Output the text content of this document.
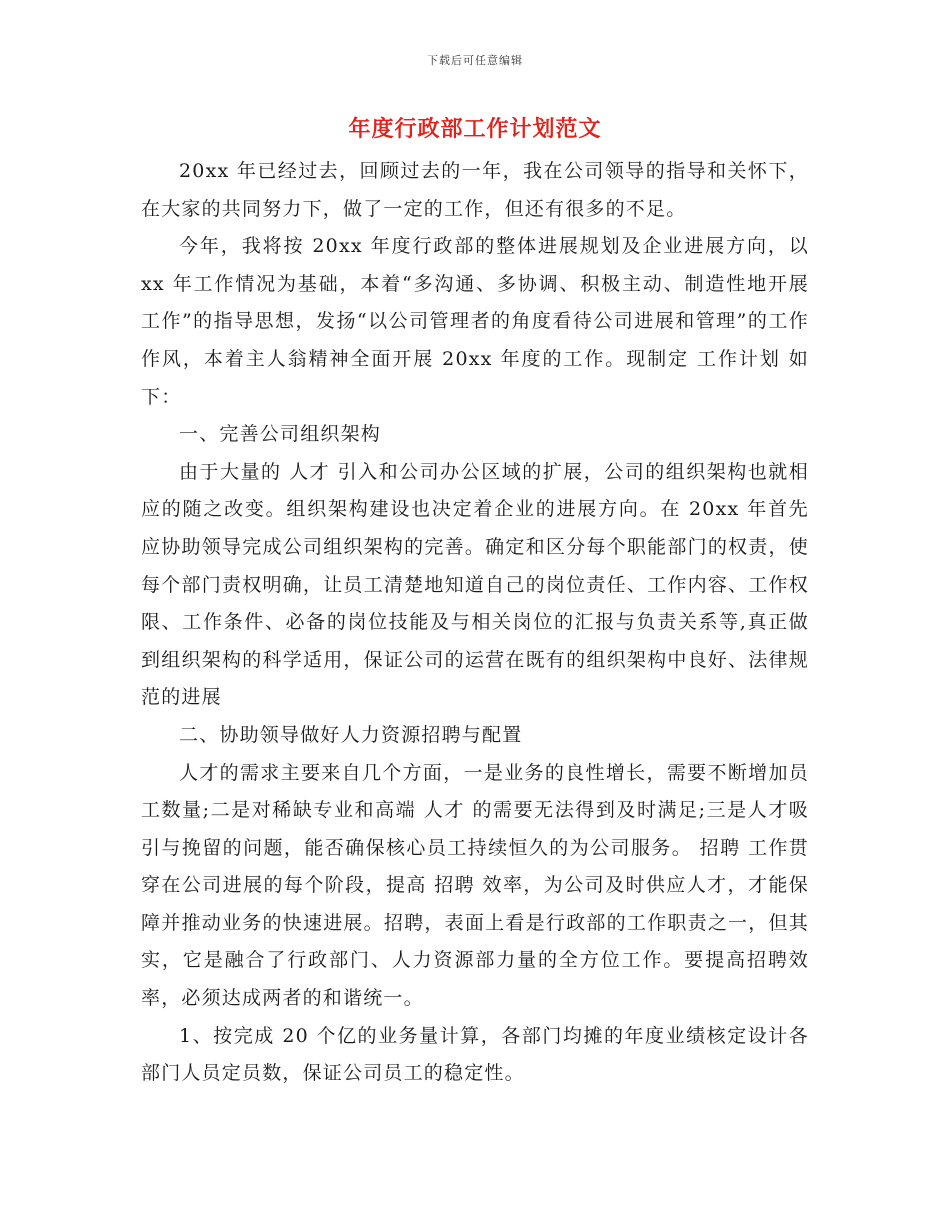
下载后可任意编辑
年度行政部工作计划范文

20xx 年已经过去，回顾过去的一年，我在公司领导的指导和关怀下，在大家的共同努力下，做了一定的工作，但还有很多的不足。

今年，我将按 20xx 年度行政部的整体进展规划及企业进展方向，以 xx 年工作情况为基础，本着“多沟通、多协调、积极主动、制造性地开展工作”的指导思想，发扬“以公司管理者的角度看待公司进展和管理”的工作作风，本着主人翁精神全面开展 20xx 年度的工作。现制定 工作计划 如下：

一、完善公司组织架构

由于大量的 人才 引入和公司办公区域的扩展，公司的组织架构也就相应的随之改变。组织架构建设也决定着企业的进展方向。在 20xx 年首先应协助领导完成公司组织架构的完善。确定和区分每个职能部门的权责，使每个部门责权明确，让员工清楚地知道自己的岗位责任、工作内容、工作权限、工作条件、必备的岗位技能及与相关岗位的汇报与负责关系等,真正做到组织架构的科学适用，保证公司的运营在既有的组织架构中良好、法律规范的进展

二、协助领导做好人力资源招聘与配置

人才的需求主要来自几个方面，一是业务的良性增长，需要不断增加员工数量;二是对稀缺专业和高端 人才 的需要无法得到及时满足;三是人才吸引与挽留的问题，能否确保核心员工持续恒久的为公司服务。 招聘 工作贯穿在公司进展的每个阶段，提高 招聘 效率，为公司及时供应人才，才能保障并推动业务的快速进展。招聘，表面上看是行政部的工作职责之一，但其实，它是融合了行政部门、人力资源部力量的全方位工作。要提高招聘效率，必须达成两者的和谐统一。

1、按完成 20 个亿的业务量计算，各部门均摊的年度业绩核定设计各部门人员定员数，保证公司员工的稳定性。
